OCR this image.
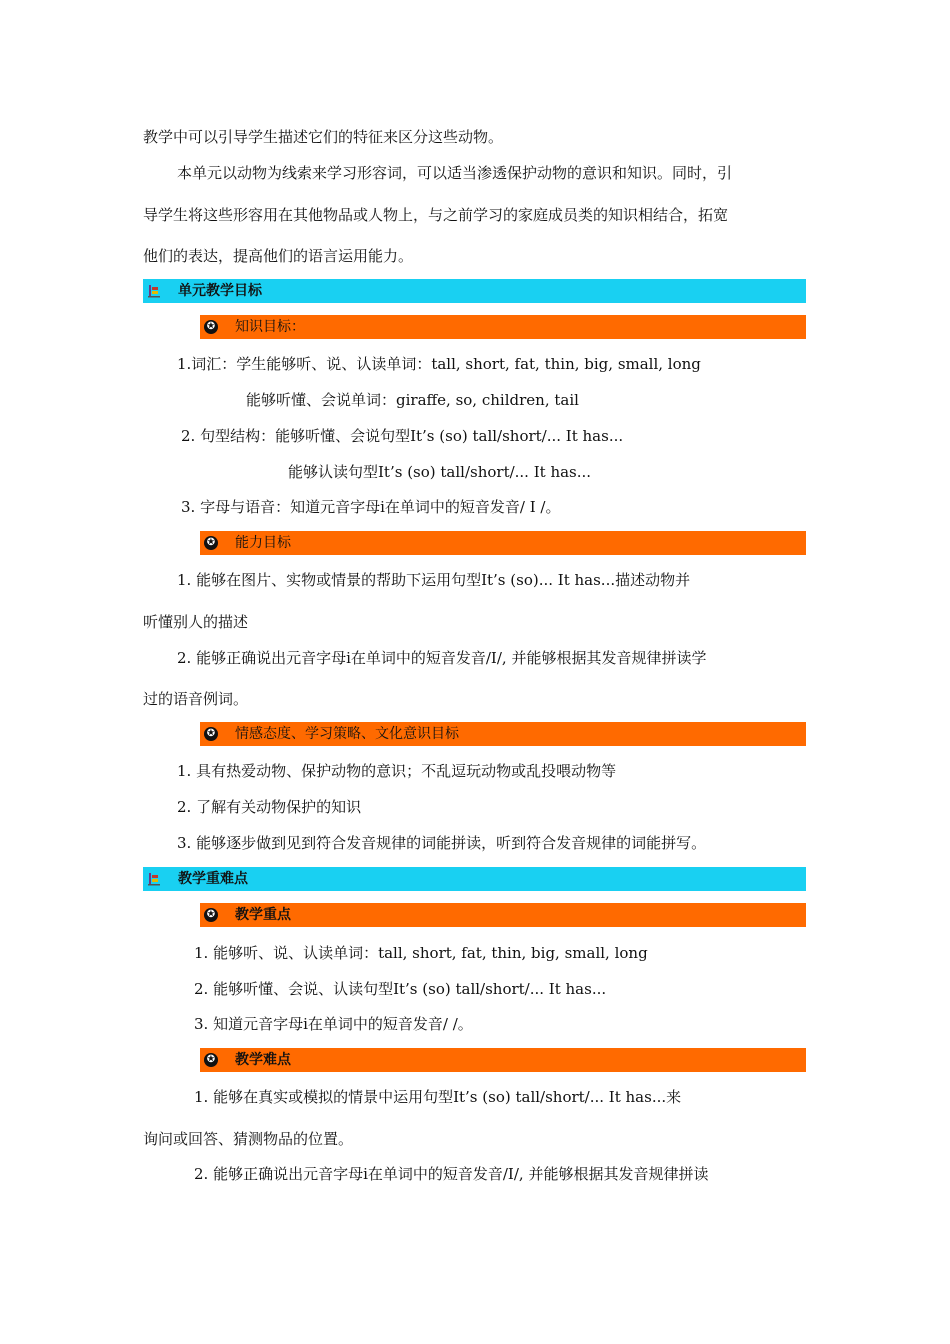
教学中可以引导学生描述它们的特征来区分这些动物。
本单元以动物为线索来学习形容词，可以适当渗透保护动物的意识和知识。同时，引
导学生将这些形容用在其他物品或人物上，与之前学习的家庭成员类的知识相结合，拓宽
他们的表达，提高他们的语言运用能力。
单元教学目标
✪ 知识目标：
1.词汇：学生能够听、说、认读单词：tall, short, fat, thin, big, small, long
能够听懂、会说单词：giraffe, so, children, tail
2. 句型结构：能够听懂、会说句型It’s (so) tall/short/... It has...
能够认读句型It’s (so) tall/short/... It has...
3. 字母与语音：知道元音字母i在单词中的短音发音/ I /。
✪ 能力目标
1. 能够在图片、实物或情景的帮助下运用句型It’s (so)... It has...描述动物并
听懂别人的描述
2. 能够正确说出元音字母i在单词中的短音发音/I/, 并能够根据其发音规律拼读学
过的语音例词。
✪ 情感态度、学习策略、文化意识目标
1. 具有热爱动物、保护动物的意识；不乱逗玩动物或乱投喂动物等
2. 了解有关动物保护的知识
3. 能够逐步做到见到符合发音规律的词能拼读，听到符合发音规律的词能拼写。
教学重难点
✪ 教学重点
1. 能够听、说、认读单词：tall, short, fat, thin, big, small, long
2. 能够听懂、会说、认读句型It’s (so) tall/short/... It has...
3. 知道元音字母i在单词中的短音发音/ /。
✪ 教学难点
1. 能够在真实或模拟的情景中运用句型It’s (so) tall/short/... It has...来
询问或回答、猜测物品的位置。
2. 能够正确说出元音字母i在单词中的短音发音/I/, 并能够根据其发音规律拼读
